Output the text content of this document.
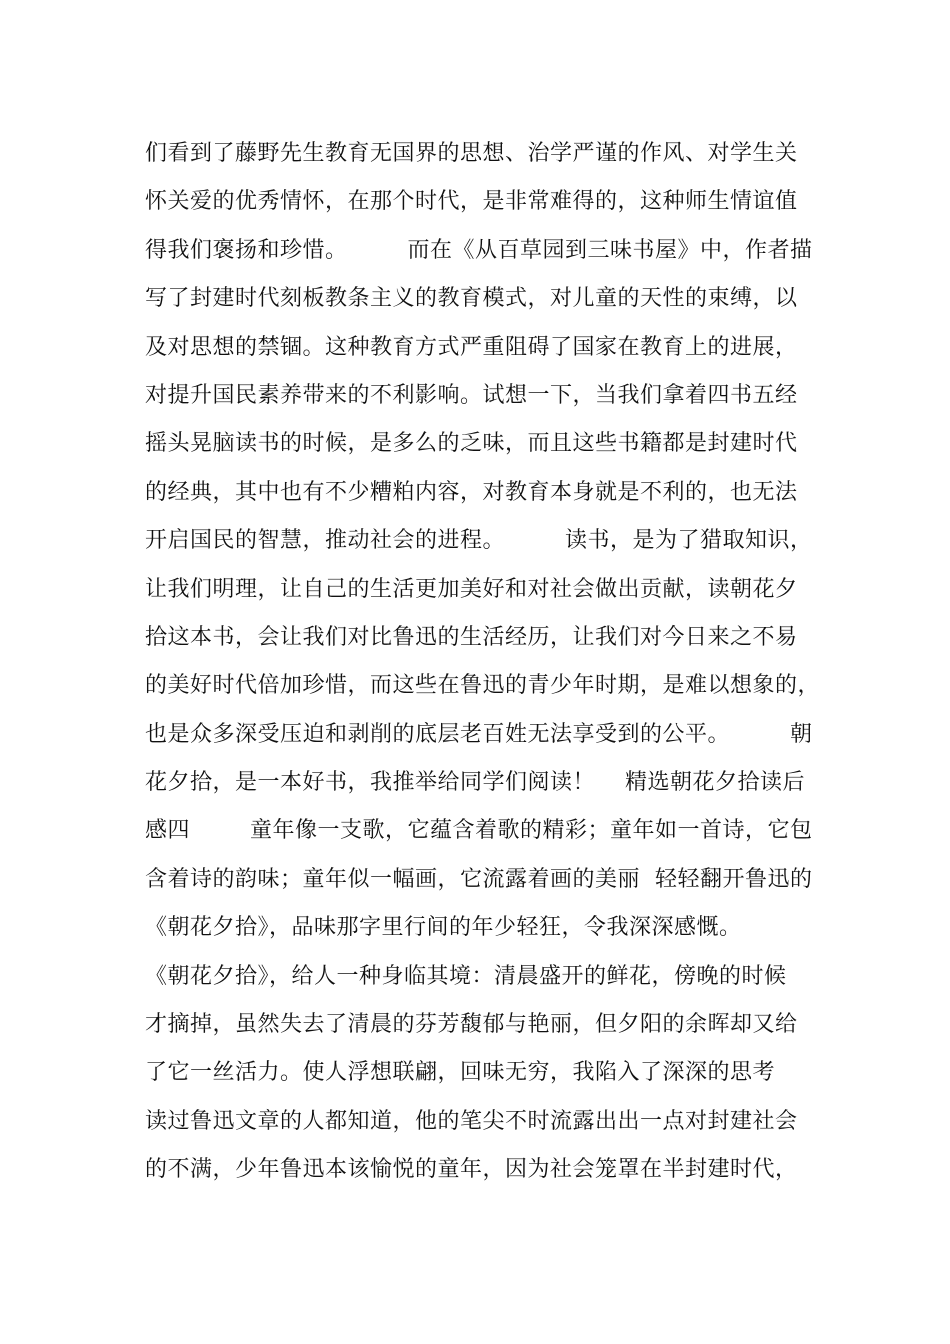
们看到了藤野先生教育无国界的思想、治学严谨的作风、对学生关
怀关爱的优秀情怀，在那个时代，是非常难得的，这种师生情谊值
得我们褒扬和珍惜。        而在《从百草园到三味书屋》中，作者描
写了封建时代刻板教条主义的教育模式，对儿童的天性的束缚，以
及对思想的禁锢。这种教育方式严重阻碍了国家在教育上的进展，
对提升国民素养带来的不利影响。试想一下，当我们拿着四书五经
摇头晃脑读书的时候，是多么的乏味，而且这些书籍都是封建时代
的经典，其中也有不少糟粕内容，对教育本身就是不利的，也无法
开启国民的智慧，推动社会的进程。        读书，是为了猎取知识，
让我们明理，让自己的生活更加美好和对社会做出贡献，读朝花夕
拾这本书，会让我们对比鲁迅的生活经历，让我们对今日来之不易
的美好时代倍加珍惜，而这些在鲁迅的青少年时期，是难以想象的，
也是众多深受压迫和剥削的底层老百姓无法享受到的公平。        朝
花夕拾，是一本好书，我推举给同学们阅读！    精选朝花夕拾读后
感四        童年像一支歌，它蕴含着歌的精彩；童年如一首诗，它包
含着诗的韵味；童年似一幅画，它流露着画的美丽  轻轻翻开鲁迅的
《朝花夕拾》，品味那字里行间的年少轻狂，令我深深感慨。
《朝花夕拾》，给人一种身临其境：清晨盛开的鲜花，傍晚的时候
才摘掉，虽然失去了清晨的芬芳馥郁与艳丽，但夕阳的余晖却又给
了它一丝活力。使人浮想联翩，回味无穷，我陷入了深深的思考
读过鲁迅文章的人都知道，他的笔尖不时流露出出一点对封建社会
的不满，少年鲁迅本该愉悦的童年，因为社会笼罩在半封建时代，
